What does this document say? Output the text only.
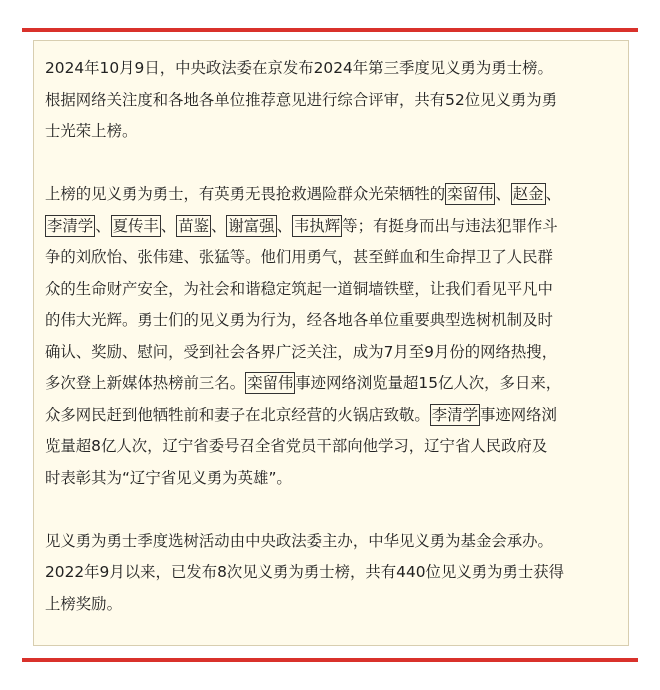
2024年10月9日，中央政法委在京发布2024年第三季度见义勇为勇士榜。
根据网络关注度和各地各单位推荐意见进行综合评审，共有52位见义勇为勇
士光荣上榜。
上榜的见义勇为勇士，有英勇无畏抢救遇险群众光荣牺牲的 栾留伟 、 赵金 、
李清学 、 夏传丰 、 苗鉴 、 谢富强 、 韦执辉 等；有挺身而出与违法犯罪作斗
争的刘欣怡、张伟建、张猛等。他们用勇气，甚至鲜血和生命捍卫了人民群
众的生命财产安全，为社会和谐稳定筑起一道铜墙铁壁，让我们看见平凡中
的伟大光辉。勇士们的见义勇为行为，经各地各单位重要典型选树机制及时
确认、奖励、慰问，受到社会各界广泛关注，成为7月至9月份的网络热搜，
多次登上新媒体热榜前三名。 栾留伟 事迹网络浏览量超15亿人次，多日来，
众多网民赶到他牺牲前和妻子在北京经营的火锅店致敬。 李清学 事迹网络浏
览量超8亿人次，辽宁省委号召全省党员干部向他学习，辽宁省人民政府及
时表彰其为“辽宁省见义勇为英雄”。
见义勇为勇士季度选树活动由中央政法委主办，中华见义勇为基金会承办。
2022年9月以来，已发布8次见义勇为勇士榜，共有440位见义勇为勇士获得
上榜奖励。
